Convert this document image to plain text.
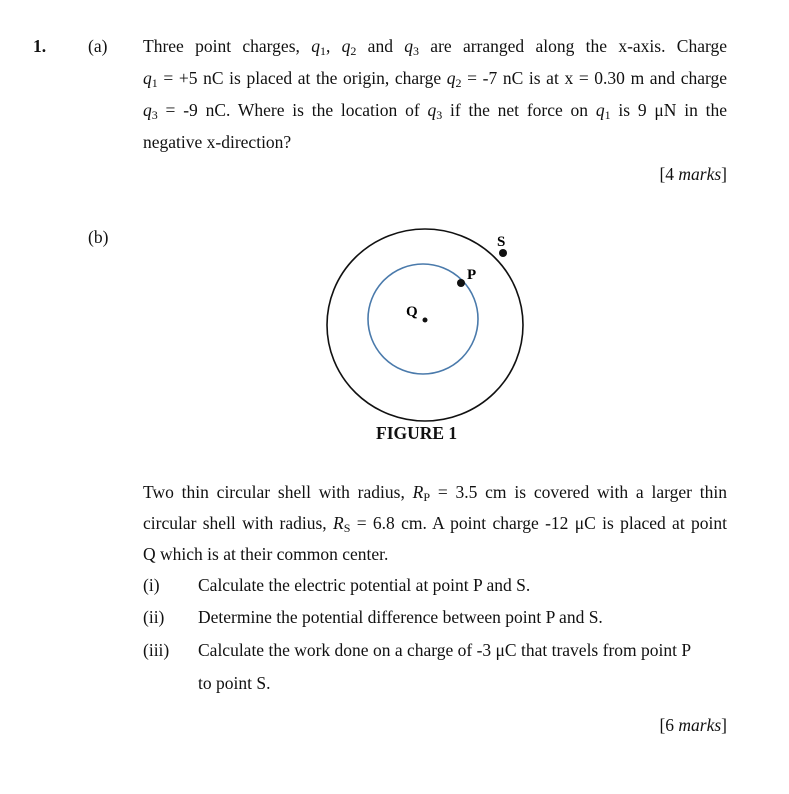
1. (a) Three point charges, $q_1$, $q_2$ and $q_3$ are arranged along the x-axis. Charge
$q_1 = +5$ nC is placed at the origin, charge $q_2 = -7$ nC is at x = 0.30 m and charge
$q_3 = -9$ nC. Where is the location of $q_3$ if the net force on $q_1$ is 9 μN in the
negative x-direction?
[4 marks]
(b)	S
P
Q
FIGURE 1
Two thin circular shell with radius, $R_P = 3.5$ cm is covered with a larger thin
circular shell with radius, $R_S = 6.8$ cm. A point charge -12 μC is placed at point
Q which is at their common center.
(i) Calculate the electric potential at point P and S.
(ii) Determine the potential difference between point P and S.
(iii) Calculate the work done on a charge of -3 μC that travels from point P
to point S.
[6 marks]
